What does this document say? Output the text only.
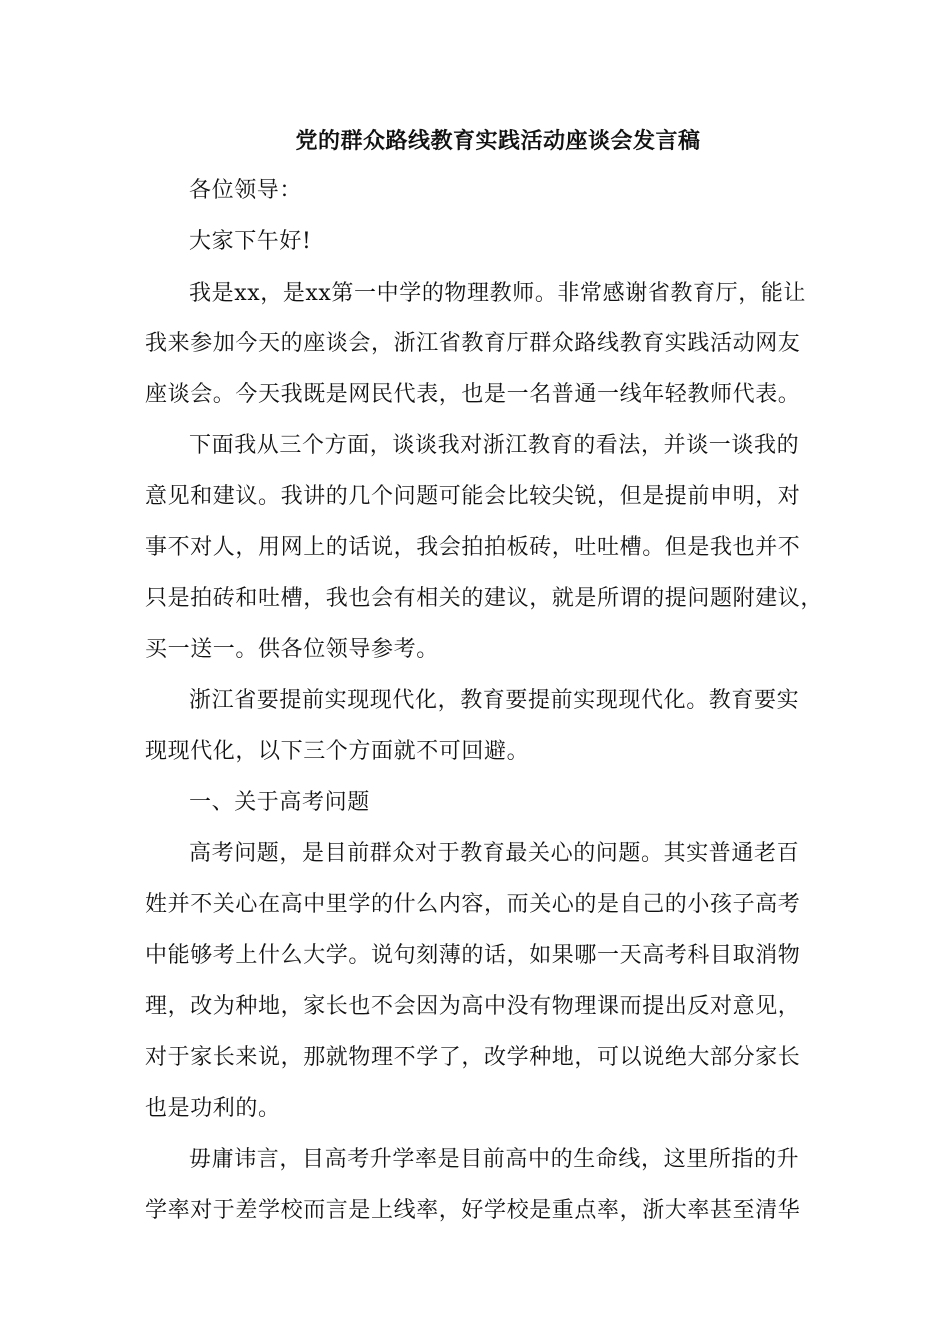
党的群众路线教育实践活动座谈会发言稿
各位领导：
大家下午好!
我是xx，是xx第一中学的物理教师。非常感谢省教育厅，能让
我来参加今天的座谈会，浙江省教育厅群众路线教育实践活动网友
座谈会。今天我既是网民代表，也是一名普通一线年轻教师代表。
下面我从三个方面，谈谈我对浙江教育的看法，并谈一谈我的
意见和建议。我讲的几个问题可能会比较尖锐，但是提前申明，对
事不对人，用网上的话说，我会拍拍板砖，吐吐槽。但是我也并不
只是拍砖和吐槽，我也会有相关的建议，就是所谓的提问题附建议，
买一送一。供各位领导参考。
浙江省要提前实现现代化，教育要提前实现现代化。教育要实
现现代化，以下三个方面就不可回避。
一、关于高考问题
高考问题，是目前群众对于教育最关心的问题。其实普通老百
姓并不关心在高中里学的什么内容，而关心的是自己的小孩子高考
中能够考上什么大学。说句刻薄的话，如果哪一天高考科目取消物
理，改为种地，家长也不会因为高中没有物理课而提出反对意见，
对于家长来说，那就物理不学了，改学种地，可以说绝大部分家长
也是功利的。
毋庸讳言，目高考升学率是目前高中的生命线，这里所指的升
学率对于差学校而言是上线率，好学校是重点率，浙大率甚至清华
